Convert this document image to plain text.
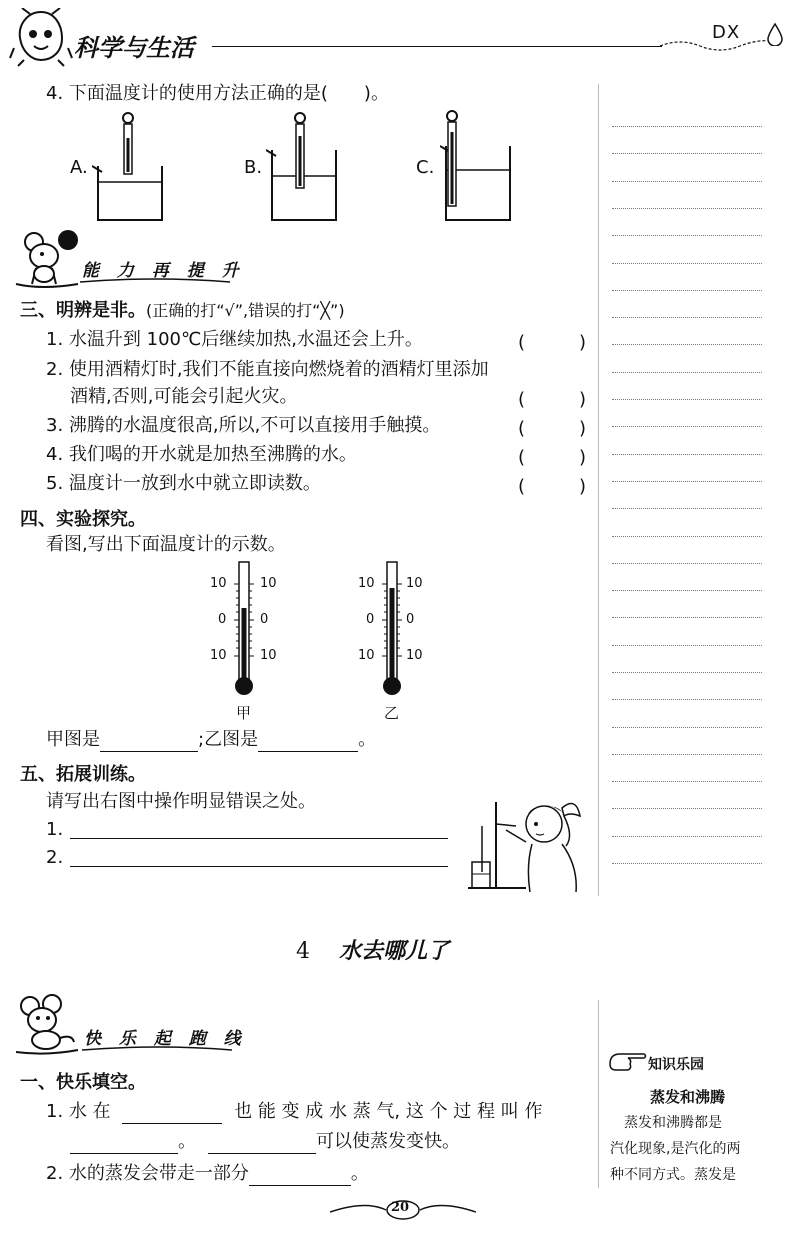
科学与生活
DX
4. 下面温度计的使用方法正确的是(　　)。
A.	B.	C.
能 力 再 提 升
三、明辨是非。(正确的打“√”,错误的打“╳”)
1. 水温升到 100℃后继续加热,水温还会上升。	(　　　)
2. 使用酒精灯时,我们不能直接向燃烧着的酒精灯里添加
酒精,否则,可能会引起火灾。	(　　　)
3. 沸腾的水温度很高,所以,不可以直接用手触摸。	(　　　)
4. 我们喝的开水就是加热至沸腾的水。	(　　　)
5. 温度计一放到水中就立即读数。	(　　　)
四、实验探究。
看图,写出下面温度计的示数。
10	10
0	0
10	10
甲
10 10
0 0
10 10
乙
甲图是	;乙图是	。
五、拓展训练。
请写出右图中操作明显错误之处。
1.
2.
4 水去哪儿了
快 乐 起 跑 线
一、快乐填空。
1. 水 在	也 能 变 成 水 蒸 气, 这 个 过 程 叫 作
。	可以使蒸发变快。
2. 水的蒸发会带走一部分	。
知识乐园
蒸发和沸腾
　蒸发和沸腾都是
汽化现象,是汽化的两
种不同方式。蒸发是
20
